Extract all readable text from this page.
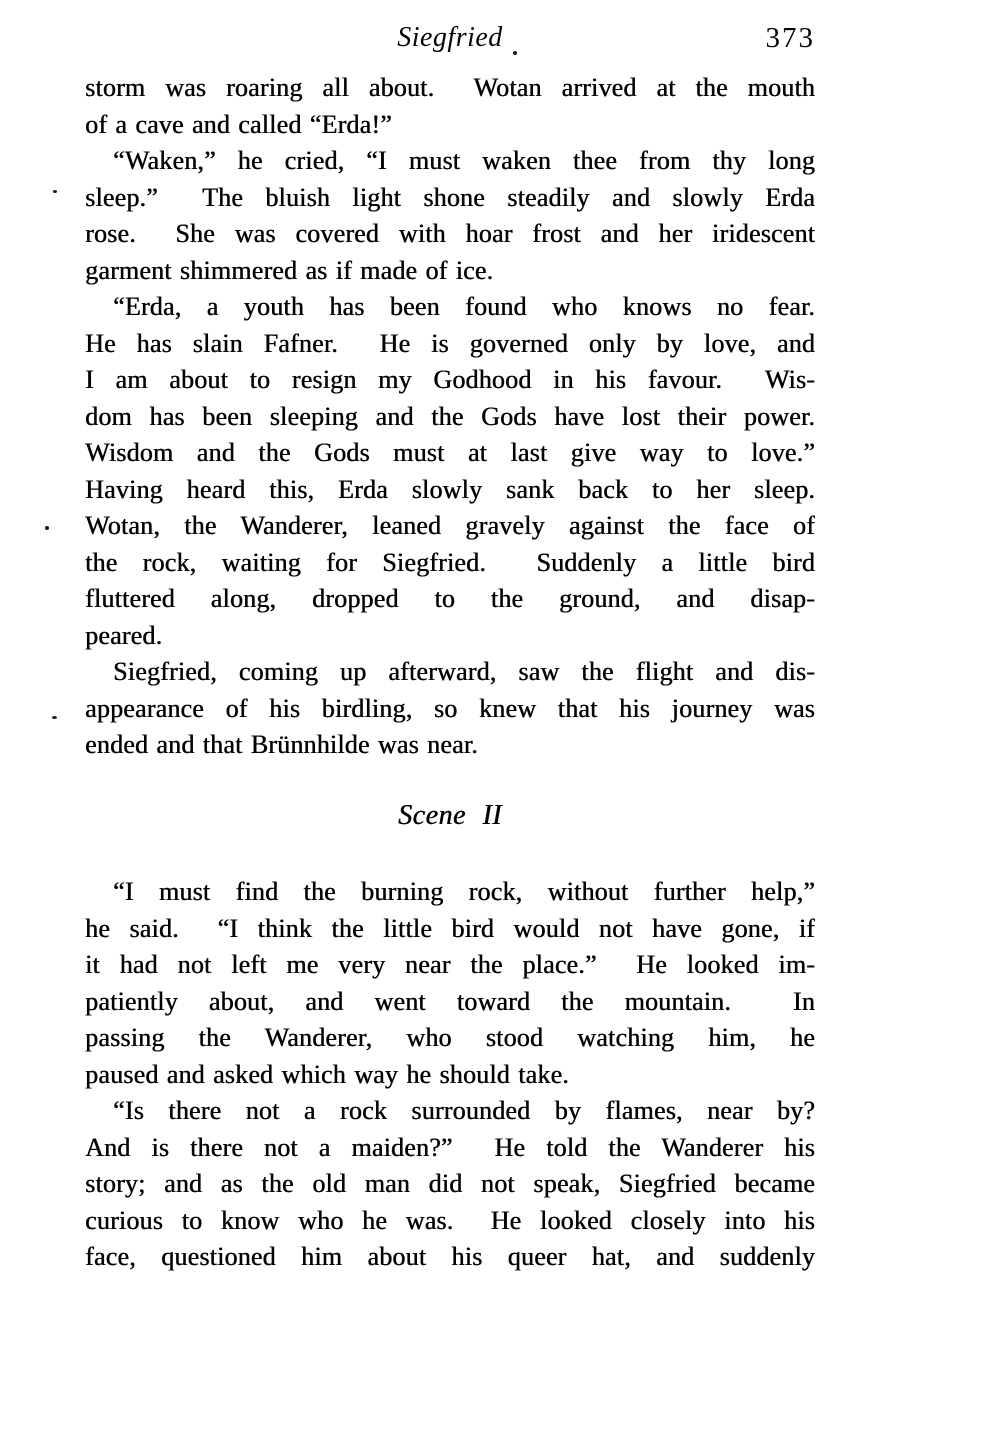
Siegfried	373
storm was roaring all about.  Wotan arrived at the mouth
of a cave and called “Erda!”
“Waken,” he cried, “I must waken thee from thy long
sleep.”  The bluish light shone steadily and slowly Erda
rose.  She was covered with hoar frost and her iridescent
garment shimmered as if made of ice.
“Erda, a youth has been found who knows no fear.
He has slain Fafner.  He is governed only by love, and
I am about to resign my Godhood in his favour.  Wis-
dom has been sleeping and the Gods have lost their power.
Wisdom and the Gods must at last give way to love.”
Having heard this, Erda slowly sank back to her sleep.
Wotan, the Wanderer, leaned gravely against the face of
the rock, waiting for Siegfried.  Suddenly a little bird
fluttered along, dropped to the ground, and disap-
peared.
Siegfried, coming up afterward, saw the flight and dis-
appearance of his birdling, so knew that his journey was
ended and that Brünnhilde was near.
Scene II
“I must find the burning rock, without further help,”
he said.  “I think the little bird would not have gone, if
it had not left me very near the place.”  He looked im-
patiently about, and went toward the mountain.  In
passing the Wanderer, who stood watching him, he
paused and asked which way he should take.
“Is there not a rock surrounded by flames, near by?
And is there not a maiden?”  He told the Wanderer his
story; and as the old man did not speak, Siegfried became
curious to know who he was.  He looked closely into his
face, questioned him about his queer hat, and suddenly
